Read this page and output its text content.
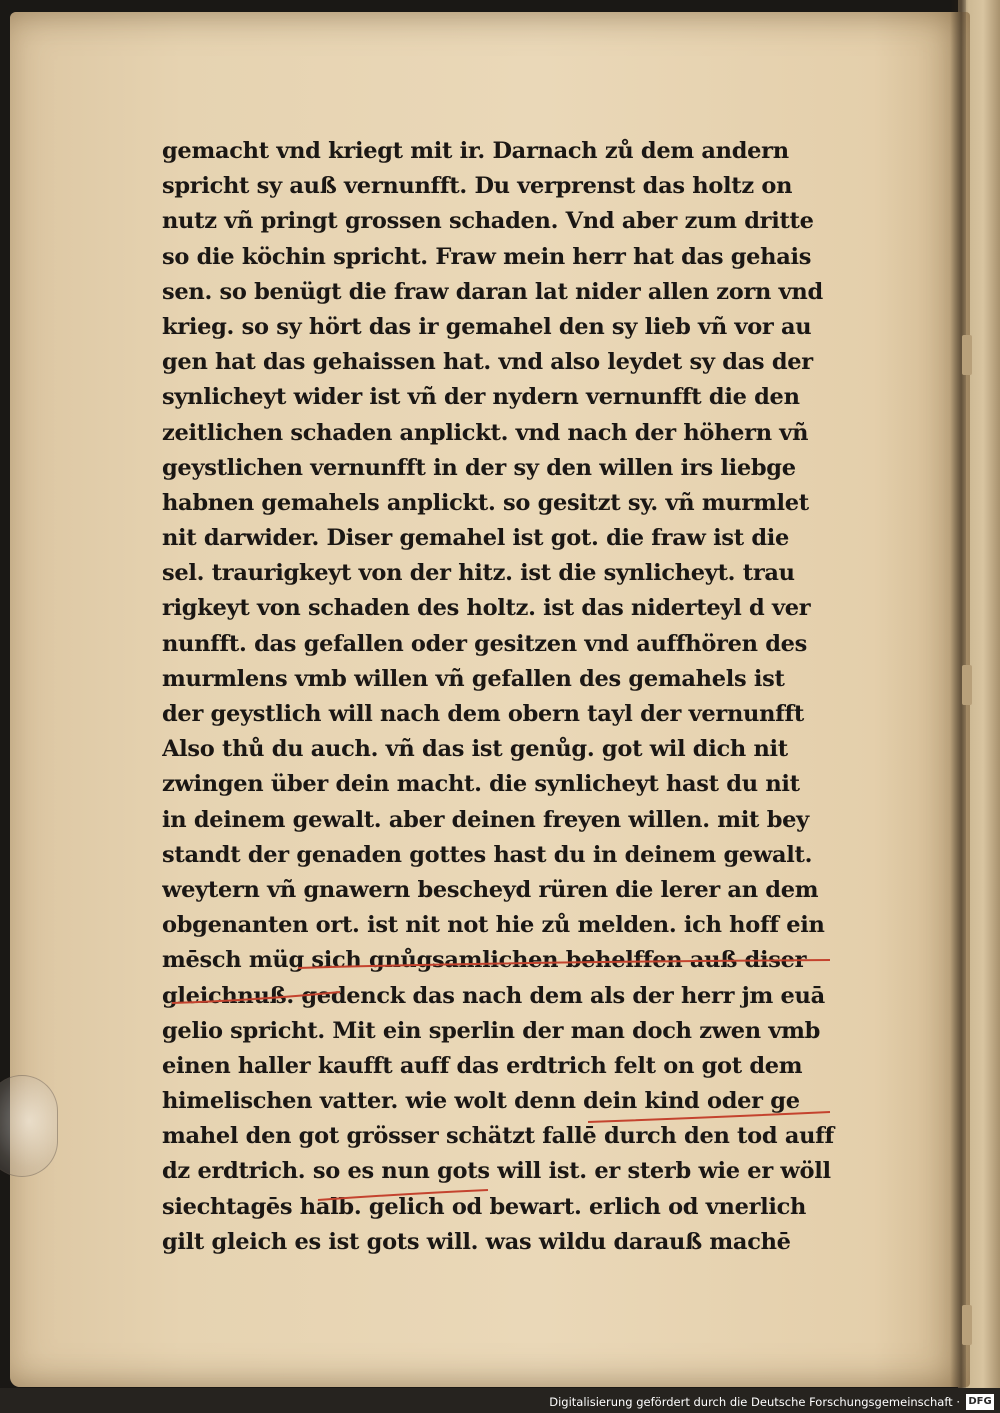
gemacht vnd kriegt mit ir. Darnach zů dem andern
spricht sy auß vernunfft. Du verprenst das holtz on
nutz vñ pringt grossen schaden. Vnd aber zum dritte
so die köchin spricht. Fraw mein herr hat das gehais
sen. so benügt die fraw daran lat nider allen zorn vnd
krieg. so sy hört das ir gemahel den sy lieb vñ vor au
gen hat das gehaissen hat. vnd also leydet sy das der
synlicheyt wider ist vñ der nydern vernunfft die den
zeitlichen schaden anplickt. vnd nach der höhern vñ
geystlichen vernunfft in der sy den willen irs liebge
habnen gemahels anplickt. so gesitzt sy. vñ murmlet
nit darwider. Diser gemahel ist got. die fraw ist die
sel. traurigkeyt von der hitz. ist die synlicheyt. trau
rigkeyt von schaden des holtz. ist das niderteyl d ver
nunfft. das gefallen oder gesitzen vnd auffhören des
murmlens vmb willen vñ gefallen des gemahels ist
der geystlich will nach dem obern tayl der vernunfft
Also thů du auch. vñ das ist genůg. got wil dich nit
zwingen über dein macht. die synlicheyt hast du nit
in deinem gewalt. aber deinen freyen willen. mit bey
standt der genaden gottes hast du in deinem gewalt.
weytern vñ gnawern bescheyd rüren die lerer an dem
obgenanten ort. ist nit not hie zů melden. ich hoff ein
mēsch müg sich gnůgsamlichen behelffen auß diser
gleichnuß. gedenck das nach dem als der herr jm euā
gelio spricht. Mit ein sperlin der man doch zwen vmb
einen haller kaufft auff das erdtrich felt on got dem
himelischen vatter. wie wolt denn dein kind oder ge
mahel den got grösser schätzt fallē durch den tod auff
dz erdtrich. so es nun gots will ist. er sterb wie er wöll
siechtagēs halb. gelich od bewart. erlich od vnerlich
gilt gleich es ist gots will. was wildu darauß machē
Digitalisierung gefördert durch die Deutsche Forschungsgemeinschaft · DFG
